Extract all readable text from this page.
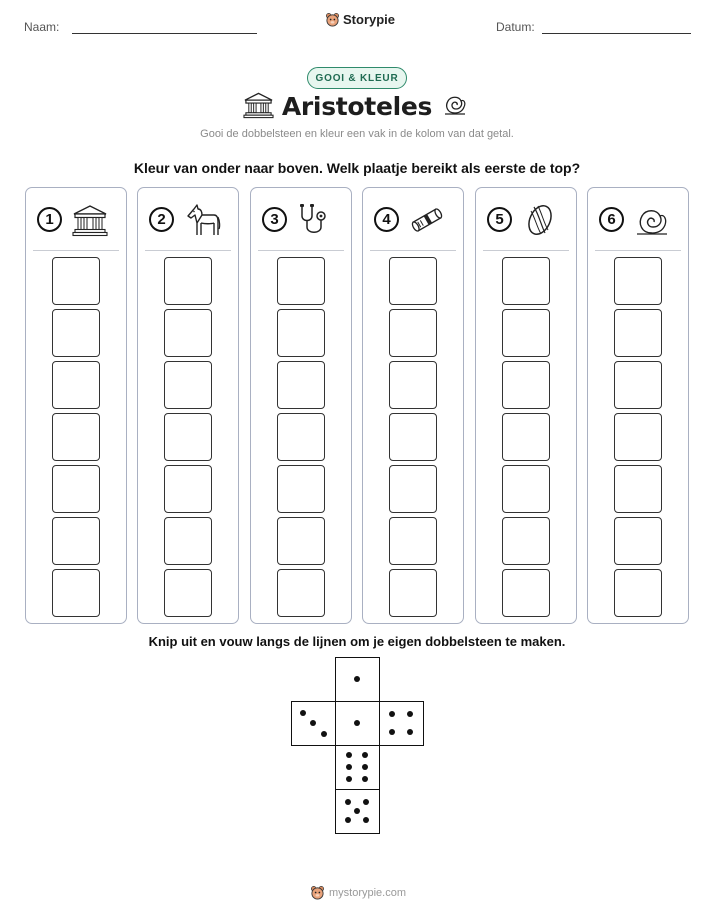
Naam:	Storypie	Datum:
GOOI & KLEUR
Aristoteles
Gooi de dobbelsteen en kleur een vak in de kolom van dat getal.
Kleur van onder naar boven. Welk plaatje bereikt als eerste de top?
1	2	3	4	5	6
Knip uit en vouw langs de lijnen om je eigen dobbelsteen te maken.
mystorypie.com
